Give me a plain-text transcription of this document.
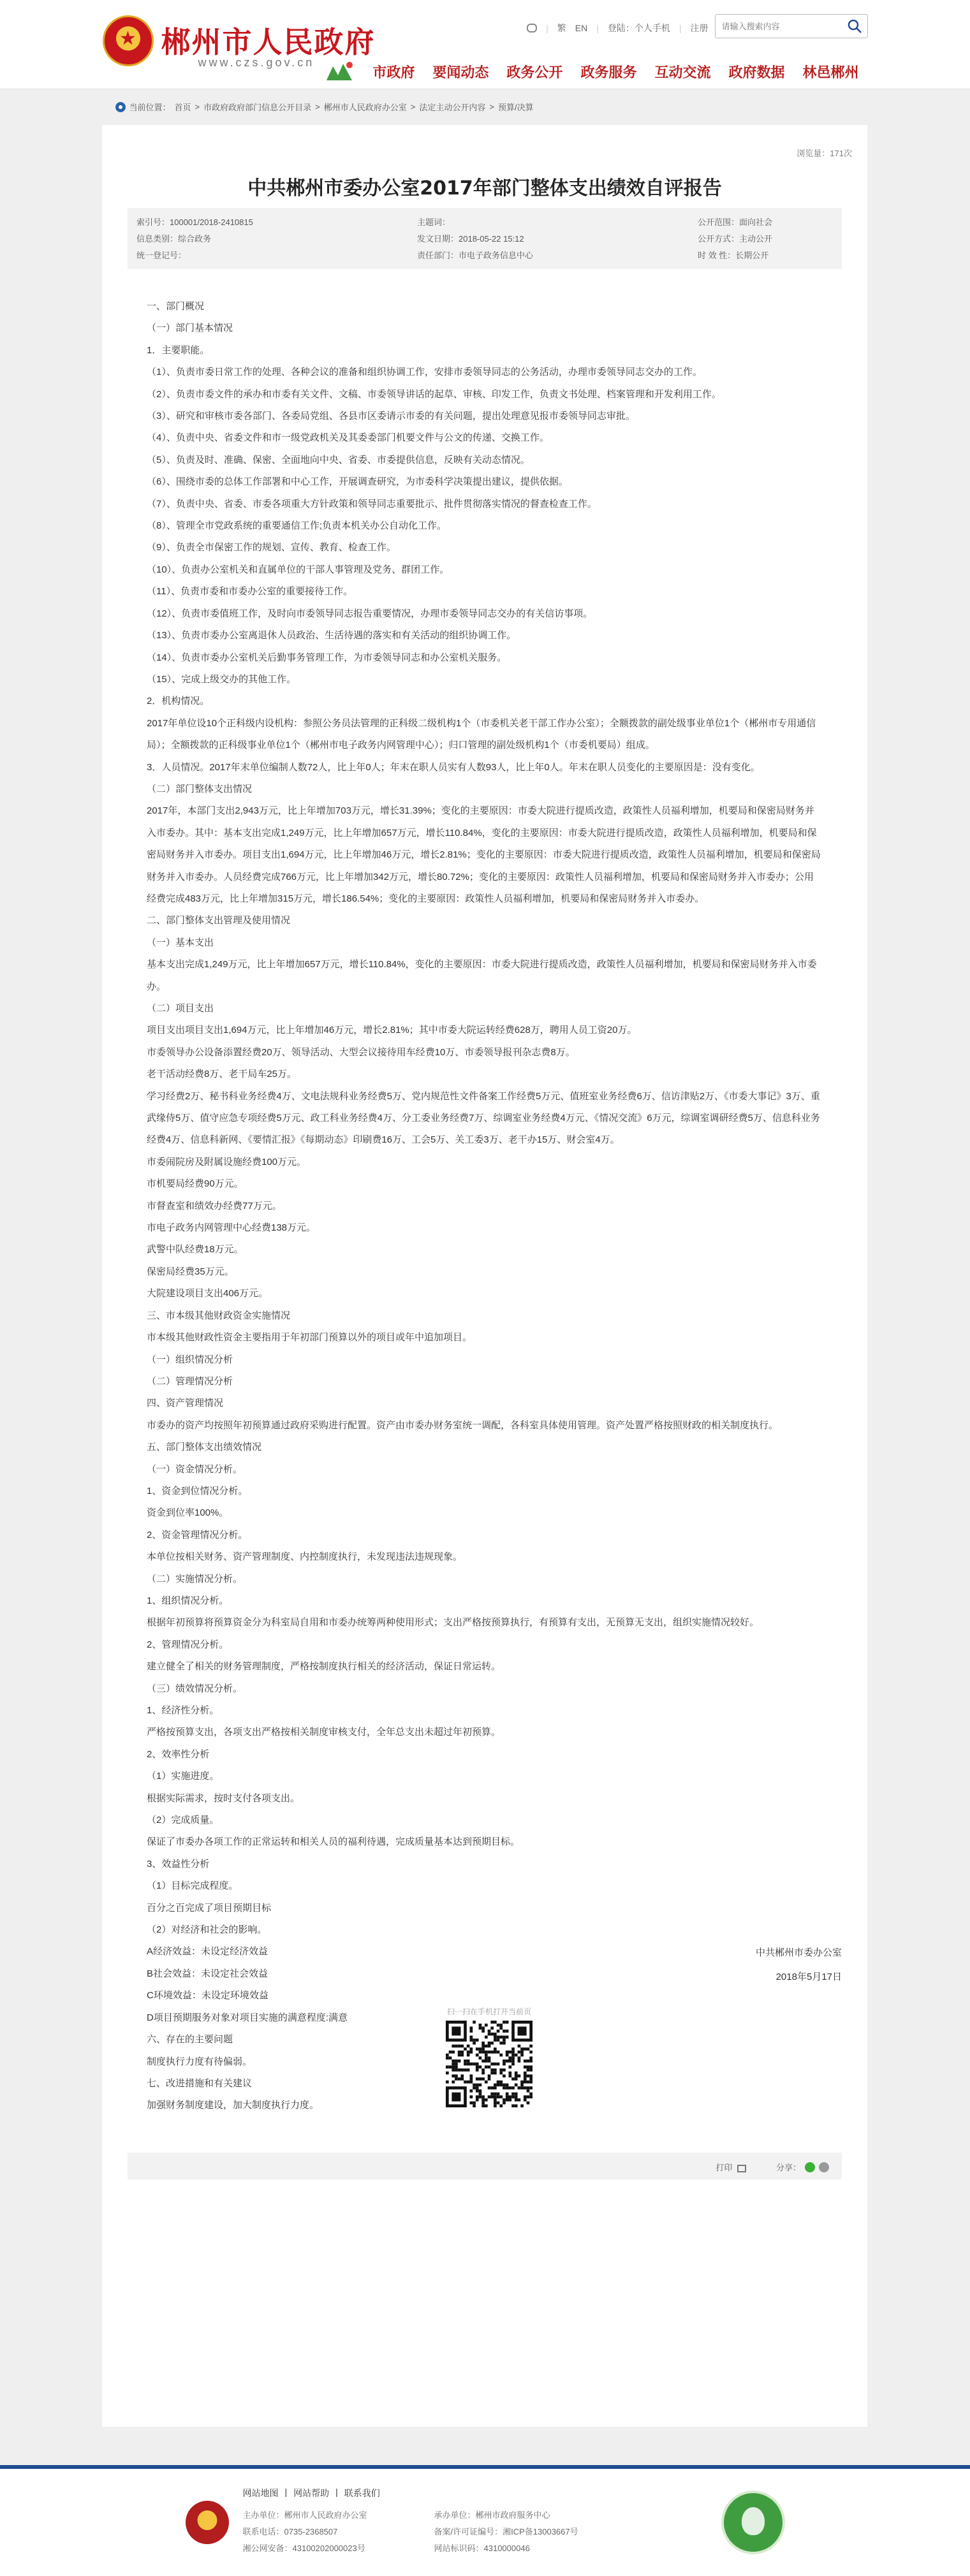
★
郴州市人民政府
www.czs.gov.cn
| 繁 EN | 登陆：个人手机 | 注册
请输入搜索内容
市政府	要闻动态	政务公开	政务服务	互动交流	政府数据	林邑郴州
当前位置： 首页 > 市政府政府部门信息公开目录 > 郴州市人民政府办公室 > 法定主动公开内容 > 预算/决算
浏览量：171次
中共郴州市委办公室2017年部门整体支出绩效自评报告
索引号：100001/2018-2410815	主题词：	公开范围：面向社会
信息类别：综合政务	发文日期：2018-05-22 15:12	公开方式：主动公开
统一登记号：	责任部门：市电子政务信息中心	时 效 性：长期公开

一、部门概况

（一）部门基本情况

1．主要职能。

（1）、负责市委日常工作的处理、各种会议的准备和组织协调工作，安排市委领导同志的公务活动，办理市委领导同志交办的工作。

（2）、负责市委文件的承办和市委有关文件、文稿、市委领导讲话的起草、审核、印发工作，负责文书处理、档案管理和开发利用工作。

（3）、研究和审核市委各部门、各委局党组、各县市区委请示市委的有关问题，提出处理意见报市委领导同志审批。

（4）、负责中央、省委文件和市一级党政机关及其委委部门机要文件与公文的传递、交换工作。

（5）、负责及时、准确、保密、全面地向中央、省委、市委提供信息，反映有关动态情况。

（6）、围绕市委的总体工作部署和中心工作，开展调查研究，为市委科学决策提出建议，提供依据。

（7）、负责中央、省委、市委各项重大方针政策和领导同志重要批示、批件贯彻落实情况的督查检查工作。

（8）、管理全市党政系统的重要通信工作;负责本机关办公自动化工作。

（9）、负责全市保密工作的规划、宣传、教育、检查工作。

（10）、负责办公室机关和直属单位的干部人事管理及党务、群团工作。

（11）、负责市委和市委办公室的重要接待工作。

（12）、负责市委值班工作，及时向市委领导同志报告重要情况，办理市委领导同志交办的有关信访事项。

（13）、负责市委办公室离退休人员政治、生活待遇的落实和有关活动的组织协调工作。

（14）、负责市委办公室机关后勤事务管理工作，为市委领导同志和办公室机关服务。

（15）、完成上级交办的其他工作。

2．机构情况。

2017年单位设10个正科级内设机构：参照公务员法管理的正科级二级机构1个（市委机关老干部工作办公室）；全额拨款的副处级事业单位1个（郴州市专用通信局）；全额拨款的正科级事业单位1个（郴州市电子政务内网管理中心）；归口管理的副处级机构1个（市委机要局）组成。

3．人员情况。2017年末单位编制人数72人，比上年0人；年末在职人员实有人数93人，比上年0人。年末在职人员变化的主要原因是：没有变化。

（二）部门整体支出情况

2017年，本部门支出2,943万元，比上年增加703万元，增长31.39%；变化的主要原因：市委大院进行提质改造，政策性人员福利增加，机要局和保密局财务并入市委办。其中：基本支出完成1,249万元，比上年增加657万元，增长110.84%，变化的主要原因：市委大院进行提质改造，政策性人员福利增加，机要局和保密局财务并入市委办。项目支出1,694万元，比上年增加46万元，增长2.81%；变化的主要原因：市委大院进行提质改造，政策性人员福利增加，机要局和保密局财务并入市委办。人员经费完成766万元，比上年增加342万元，增长80.72%；变化的主要原因：政策性人员福利增加，机要局和保密局财务并入市委办；公用经费完成483万元，比上年增加315万元，增长186.54%；变化的主要原因：政策性人员福利增加，机要局和保密局财务并入市委办。

二、部门整体支出管理及使用情况

（一）基本支出

基本支出完成1,249万元，比上年增加657万元，增长110.84%，变化的主要原因：市委大院进行提质改造，政策性人员福利增加，机要局和保密局财务并入市委办。

（二）项目支出

项目支出项目支出1,694万元，比上年增加46万元，增长2.81%；其中市委大院运转经费628万，聘用人员工资20万。

市委领导办公设备添置经费20万、领导活动、大型会议接待用车经费10万、市委领导报刊杂志费8万。

老干活动经费8万、老干局车25万。

学习经费2万、秘书科业务经费4万、文电法规科业务经费5万、党内规范性文件备案工作经费5万元、值班室业务经费6万、信访津贴2万、《市委大事记》3万、重武缘侍5万、值守应急专项经费5万元、政工科业务经费4万、分工委业务经费7万、综调室业务经费4万元、《情况交流》6万元，综调室调研经费5万、信息科业务经费4万、信息科新网、《要情汇报》《每期动态》印刷费16万、工会5万、关工委3万、老干办15万、财会室4万。

市委闹院房及附属设施经费100万元。

市机要局经费90万元。

市督查室和绩效办经费77万元。

市电子政务内网管理中心经费138万元。

武警中队经费18万元。

保密局经费35万元。

大院建设项目支出406万元。

三、市本级其他财政资金实施情况

市本级其他财政性资金主要指用于年初部门预算以外的项目或年中追加项目。

（一）组织情况分析

（二）管理情况分析

四、资产管理情况

市委办的资产均按照年初预算通过政府采购进行配置。资产由市委办财务室统一调配，各科室具体使用管理。资产处置严格按照财政的相关制度执行。

五、部门整体支出绩效情况

（一）资金情况分析。

1、资金到位情况分析。

资金到位率100%。

2、资金管理情况分析。

本单位按相关财务、资产管理制度、内控制度执行，未发现违法违规现象。

（二）实施情况分析。

1、组织情况分析。

根据年初预算将预算资金分为科室局自用和市委办统筹两种使用形式；支出严格按预算执行，有预算有支出，无预算无支出，组织实施情况较好。

2、管理情况分析。

建立健全了相关的财务管理制度，严格按制度执行相关的经济活动，保证日常运转。

（三）绩效情况分析。

1、经济性分析。

严格按预算支出，各项支出严格按相关制度审核支付，全年总支出未超过年初预算。

2、效率性分析

（1）实施进度。

根据实际需求，按时支付各项支出。

（2）完成质量。

保证了市委办各项工作的正常运转和相关人员的福利待遇，完成质量基本达到预期目标。

3、效益性分析

（1）目标完成程度。

百分之百完成了项目预期目标

（2）对经济和社会的影响。

A经济效益：未设定经济效益

B社会效益：未设定社会效益

C环境效益：未设定环境效益

D项目预期服务对象对项目实施的满意程度:满意

六、存在的主要问题

制度执行力度有待偏弱。

七、改进措施和有关建议

加强财务制度建设，加大制度执行力度。

中共郴州市委办公室
2018年5月17日
扫一扫在手机打开当前页
打印	分享：
网站地图 | 网站帮助 | 联系我们
主办单位：郴州市人民政府办公室
联系电话：0735-2368507
湘公网安备：43100202000023号
承办单位：郴州市政府服务中心
备案/许可证编号：湘ICP备13003667号
网站标识码：4310000046
